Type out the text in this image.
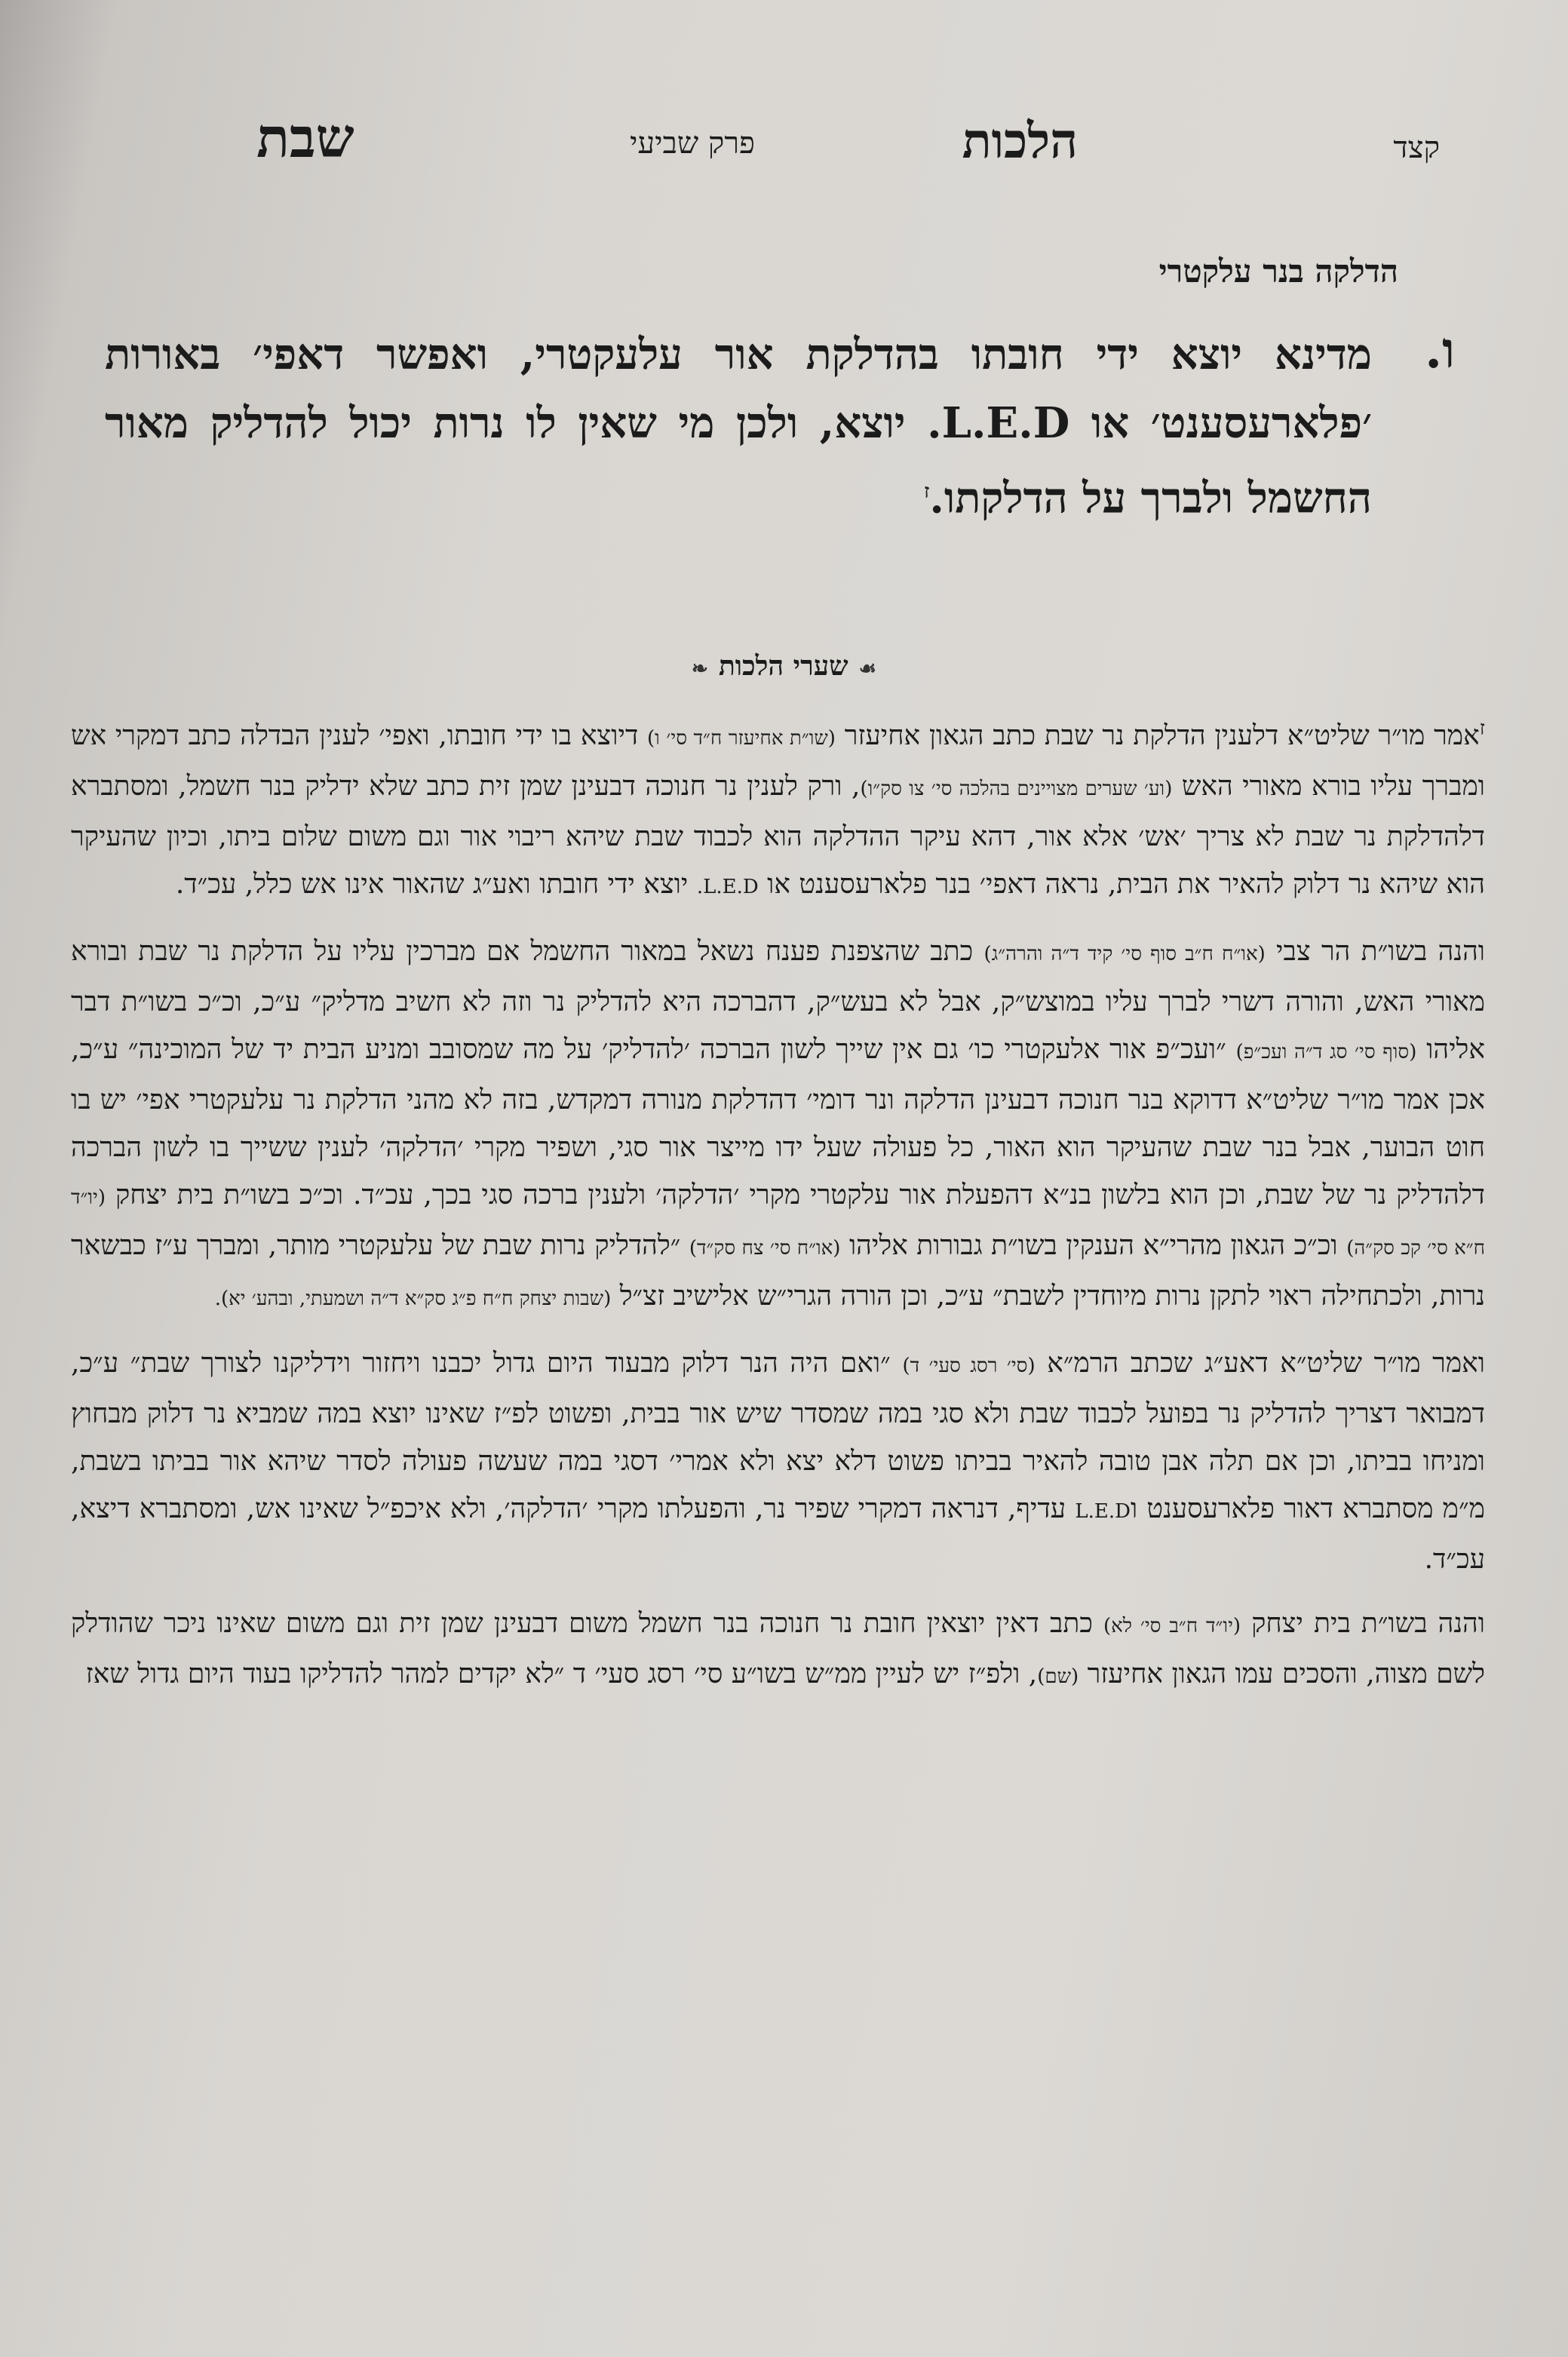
קצד
הלכות
פרק שביעי
שבת
הדלקה בנר עלקטרי
ו.
מדינא יוצא ידי חובתו בהדלקת אור עלעקטרי, ואפשר דאפי׳ באורות ׳פלארעסענט׳ או L.E.D. יוצא, ולכן מי שאין לו נרות יכול להדליק מאור החשמל ולברך על הדלקתו.$^ז$
☙שערי הלכות❧

$^ז$אמר מו״ר שליט״א דלענין הדלקת נר שבת כתב הגאון אחיעזר (שו״ת אחיעזר ח״ד סי׳ ו) דיוצא בו ידי חובתו, ואפי׳ לענין הבדלה כתב דמקרי אש ומברך עליו בורא מאורי האש (וע׳ שערים מצויינים בהלכה סי׳ צו סק״ו), ורק לענין נר חנוכה דבעינן שמן זית כתב שלא ידליק בנר חשמל, ומסתברא דלהדלקת נר שבת לא צריך ׳אש׳ אלא אור, דהא עיקר ההדלקה הוא לכבוד שבת שיהא ריבוי אור וגם משום שלום ביתו, וכיון שהעיקר הוא שיהא נר דלוק להאיר את הבית, נראה דאפי׳ בנר פלארעסענט או L.E.D. יוצא ידי חובתו ואע״ג שהאור אינו אש כלל, עכ״ד.

והנה בשו״ת הר צבי (או״ח ח״ב סוף סי׳ קיד ד״ה והרה״ג) כתב שהצפנת פענח נשאל במאור החשמל אם מברכין עליו על הדלקת נר שבת ובורא מאורי האש, והורה דשרי לברך עליו במוצש״ק, אבל לא בעש״ק, דהברכה היא להדליק נר וזה לא חשיב מדליק״ ע״כ, וכ״כ בשו״ת דבר אליהו (סוף סי׳ סג ד״ה ועכ״פ) ״ועכ״פ אור אלעקטרי כו׳ גם אין שייך לשון הברכה ׳להדליק׳ על מה שמסובב ומניע הבית יד של המוכינה״ ע״כ, אכן אמר מו״ר שליט״א דדוקא בנר חנוכה דבעינן הדלקה ונר דומי׳ דהדלקת מנורה דמקדש, בזה לא מהני הדלקת נר עלעקטרי אפי׳ יש בו חוט הבוער, אבל בנר שבת שהעיקר הוא האור, כל פעולה שעל ידו מייצר אור סגי, ושפיר מקרי ׳הדלקה׳ לענין ששייך בו לשון הברכה דלהדליק נר של שבת, וכן הוא בלשון בנ״א דהפעלת אור עלקטרי מקרי ׳הדלקה׳ ולענין ברכה סגי בכך, עכ״ד. וכ״כ בשו״ת בית יצחק (יו״ד ח״א סי׳ קכ סק״ה) וכ״כ הגאון מהרי״א הענקין בשו״ת גבורות אליהו (או״ח סי׳ צח סק״ד) ״להדליק נרות שבת של עלעקטרי מותר, ומברך ע״ז כבשאר נרות, ולכתחילה ראוי לתקן נרות מיוחדין לשבת״ ע״כ, וכן הורה הגרי״ש אלישיב זצ״ל (שבות יצחק ח״ח פ״ג סק״א ד״ה ושמעתי, ובהע׳ יא).

ואמר מו״ר שליט״א דאע״ג שכתב הרמ״א (סי׳ רסג סעי׳ ד) ״ואם היה הנר דלוק מבעוד היום גדול יכבנו ויחזור וידליקנו לצורך שבת״ ע״כ, דמבואר דצריך להדליק נר בפועל לכבוד שבת ולא סגי במה שמסדר שיש אור בבית, ופשוט לפ״ז שאינו יוצא במה שמביא נר דלוק מבחוץ ומניחו בביתו, וכן אם תלה אבן טובה להאיר בביתו פשוט דלא יצא ולא אמרי׳ דסגי במה שעשה פעולה לסדר שיהא אור בביתו בשבת, מ״מ מסתברא דאור פלארעסענט וL.E.D עדיף, דנראה דמקרי שפיר נר, והפעלתו מקרי ׳הדלקה׳, ולא איכפ״ל שאינו אש, ומסתברא דיצא, עכ״ד.

והנה בשו״ת בית יצחק (יו״ד ח״ב סי׳ לא) כתב דאין יוצאין חובת נר חנוכה בנר חשמל משום דבעינן שמן זית וגם משום שאינו ניכר שהודלק לשם מצוה, והסכים עמו הגאון אחיעזר (שם), ולפ״ז יש לעיין ממ״ש בשו״ע סי׳ רסג סעי׳ ד ״לא יקדים למהר להדליקו בעוד היום גדול שאז
